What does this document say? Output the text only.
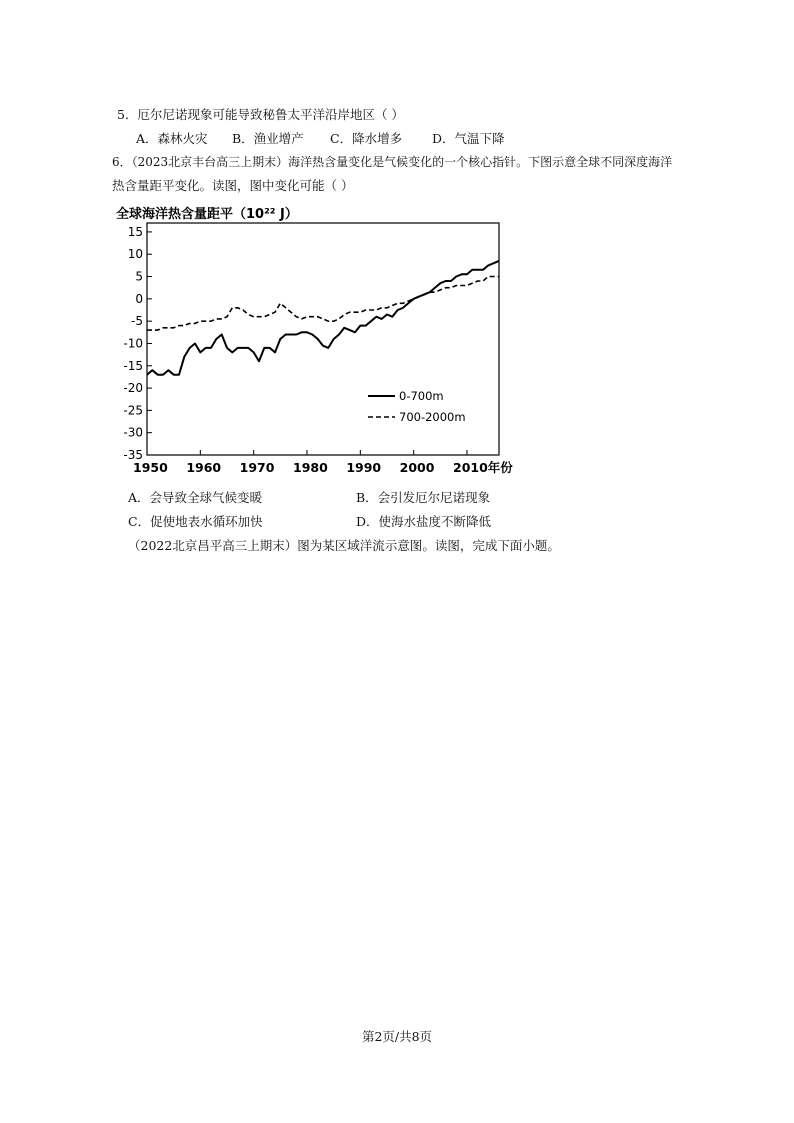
5．厄尔尼诺现象可能导致秘鲁太平洋沿岸地区（ ）
A．森林火灾 B．渔业增产 C．降水增多 D．气温下降
6．（2023北京丰台高三上期末）海洋热含量变化是气候变化的一个核心指针。下图示意全球不同深度海洋
热含量距平变化。读图，图中变化可能（ ）
全球海洋热含量距平（10²² J）
15
10
5
0
-5
-10
-15
-20
-25
-30
-35
1950 1960 1970 1980 1990 2000 2010年份
0-700m
700-2000m
A．会导致全球气候变暖	B．会引发厄尔尼诺现象
C．促使地表水循环加快	D．使海水盐度不断降低
（2022北京昌平高三上期末）图为某区域洋流示意图。读图，完成下面小题。
第2页/共8页
